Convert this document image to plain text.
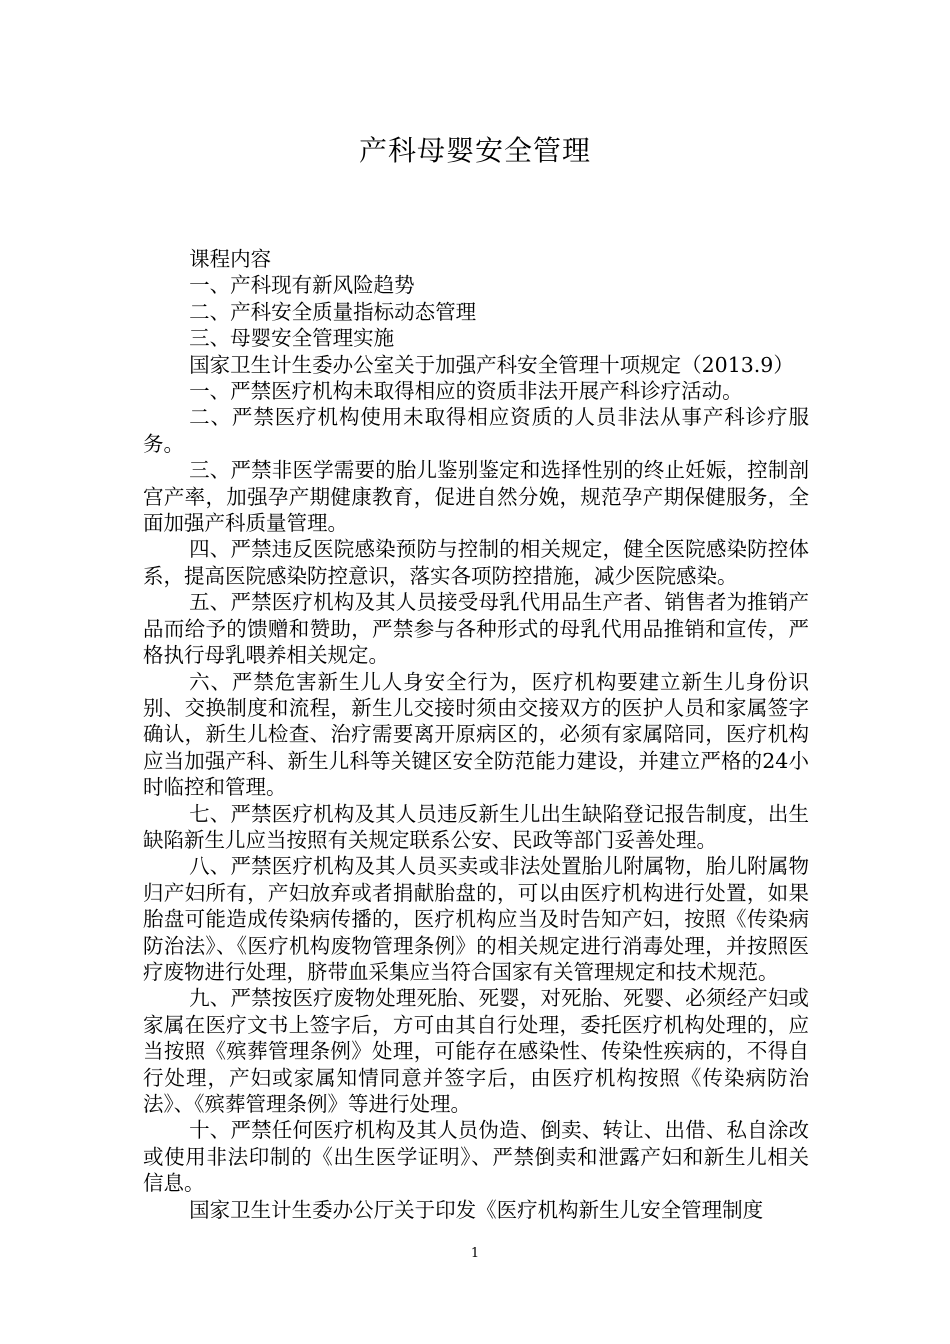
产科母婴安全管理

课程内容

一、产科现有新风险趋势

二、产科安全质量指标动态管理

三、母婴安全管理实施

国家卫生计生委办公室关于加强产科安全管理十项规定（2013.9）

一、严禁医疗机构未取得相应的资质非法开展产科诊疗活动。

二、严禁医疗机构使用未取得相应资质的人员非法从事产科诊疗服务。

三、严禁非医学需要的胎儿鉴别鉴定和选择性别的终止妊娠，控制剖宫产率，加强孕产期健康教育，促进自然分娩，规范孕产期保健服务，全面加强产科质量管理。

四、严禁违反医院感染预防与控制的相关规定，健全医院感染防控体系，提高医院感染防控意识，落实各项防控措施，减少医院感染。

五、严禁医疗机构及其人员接受母乳代用品生产者、销售者为推销产品而给予的馈赠和赞助，严禁参与各种形式的母乳代用品推销和宣传，严格执行母乳喂养相关规定。

六、严禁危害新生儿人身安全行为，医疗机构要建立新生儿身份识别、交换制度和流程，新生儿交接时须由交接双方的医护人员和家属签字确认，新生儿检查、治疗需要离开原病区的，必须有家属陪同，医疗机构应当加强产科、新生儿科等关键区安全防范能力建设，并建立严格的24小时临控和管理。

七、严禁医疗机构及其人员违反新生儿出生缺陷登记报告制度，出生缺陷新生儿应当按照有关规定联系公安、民政等部门妥善处理。

八、严禁医疗机构及其人员买卖或非法处置胎儿附属物，胎儿附属物归产妇所有，产妇放弃或者捐献胎盘的，可以由医疗机构进行处置，如果胎盘可能造成传染病传播的，医疗机构应当及时告知产妇，按照《传染病防治法》、《医疗机构废物管理条例》的相关规定进行消毒处理，并按照医疗废物进行处理，脐带血采集应当符合国家有关管理规定和技术规范。

九、严禁按医疗废物处理死胎、死婴，对死胎、死婴、必须经产妇或家属在医疗文书上签字后，方可由其自行处理，委托医疗机构处理的，应当按照《殡葬管理条例》处理，可能存在感染性、传染性疾病的，不得自行处理，产妇或家属知情同意并签字后，由医疗机构按照《传染病防治法》、《殡葬管理条例》等进行处理。

十、严禁任何医疗机构及其人员伪造、倒卖、转让、出借、私自涂改或使用非法印制的《出生医学证明》、严禁倒卖和泄露产妇和新生儿相关信息。

国家卫生计生委办公厅关于印发《医疗机构新生儿安全管理制度

1
